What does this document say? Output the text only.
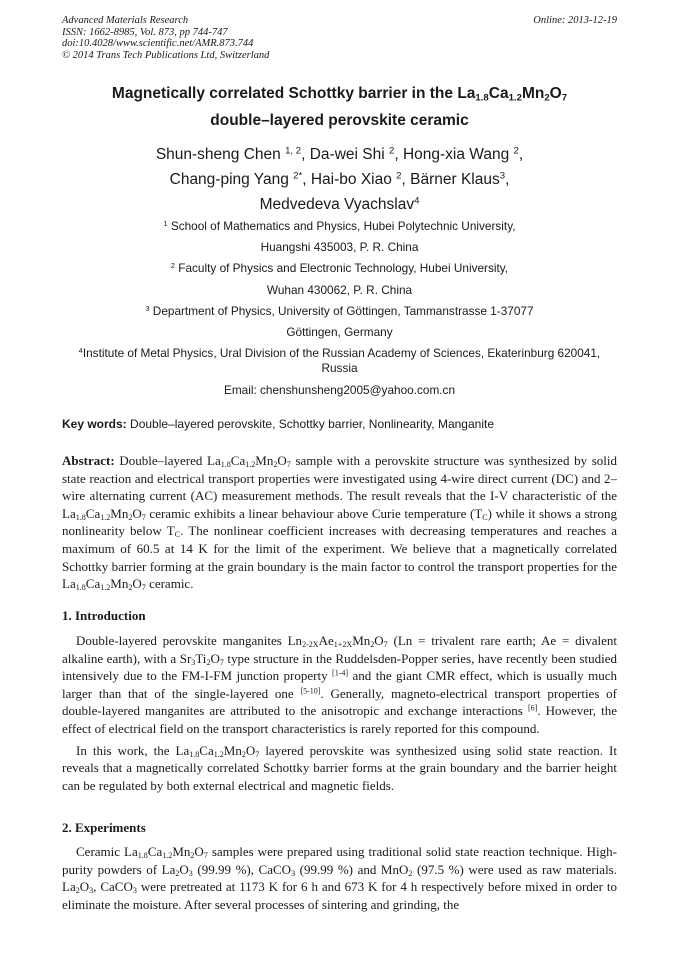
Advanced Materials Research
ISSN: 1662-8985, Vol. 873, pp 744-747
doi:10.4028/www.scientific.net/AMR.873.744
© 2014 Trans Tech Publications Ltd, Switzerland
Online: 2013-12-19
Magnetically correlated Schottky barrier in the $La_{1.8}Ca_{1.2}Mn_2O_7$
double–layered perovskite ceramic
Shun-sheng Chen $^{1, 2}$, Da-wei Shi $^2$, Hong-xia Wang $^2$,
Chang-ping Yang $^{2*}$, Hai-bo Xiao $^2$, Bärner Klaus$^3$,
Medvedeva Vyachslav$^4$
$^1$ School of Mathematics and Physics, Hubei Polytechnic University,
Huangshi 435003, P. R. China
$^2$ Faculty of Physics and Electronic Technology, Hubei University,
Wuhan 430062, P. R. China
$^3$ Department of Physics, University of Göttingen, Tammanstrasse 1-37077
Göttingen, Germany
$^4$Institute of Metal Physics, Ural Division of the Russian Academy of Sciences, Ekaterinburg 620041,
Russia
Email: chenshunsheng2005@yahoo.com.cn
Key words: Double–layered perovskite, Schottky barrier, Nonlinearity, Manganite

Abstract: Double–layered $La_{1.8}Ca_{1.2}Mn_2O_7$ sample with a perovskite structure was synthesized by solid state reaction and electrical transport properties were investigated using 4-wire direct current (DC) and 2–wire alternating current (AC) measurement methods. The result reveals that the I-V characteristic of the $La_{1.8}Ca_{1.2}Mn_2O_7$ ceramic exhibits a linear behaviour above Curie temperature $(T_C)$ while it shows a strong nonlinearity below $T_C$. The nonlinear coefficient increases with decreasing temperatures and reaches a maximum of 60.5 at 14 K for the limit of the experiment. We believe that a magnetically correlated Schottky barrier forming at the grain boundary is the main factor to control the transport properties for the $La_{1.8}Ca_{1.2}Mn_2O_7$ ceramic.

1. Introduction

Double-layered perovskite manganites $Ln_{2-2X}Ae_{1+2X}Mn_2O_7$ (Ln = trivalent rare earth; Ae = divalent alkaline earth), with a $Sr_3Ti_2O_7$ type structure in the Ruddelsden-Popper series, have recently been studied intensively due to the FM-I-FM junction property [1-4] and the giant CMR effect, which is usually much larger than that of the single-layered one [5-10]. Generally, magneto-electrical transport properties of double-layered manganites are attributed to the anisotropic and exchange interactions [6]. However, the effect of electrical field on the transport characteristics is rarely reported for this compound.

In this work, the $La_{1.8}Ca_{1.2}Mn_2O_7$ layered perovskite was synthesized using solid state reaction. It reveals that a magnetically correlated Schottky barrier forms at the grain boundary and the barrier height can be regulated by both external electrical and magnetic fields.

2. Experiments

Ceramic $La_{1.8}Ca_{1.2}Mn_2O_7$ samples were prepared using traditional solid state reaction technique. High-purity powders of $La_2O_3$ (99.99 %), CaCO$_3$ (99.99 %) and MnO$_2$ (97.5 %) were used as raw materials. $La_2O_3$, CaCO$_3$ were pretreated at 1173 K for 6 h and 673 K for 4 h respectively before mixed in order to eliminate the moisture. After several processes of sintering and grinding, the
